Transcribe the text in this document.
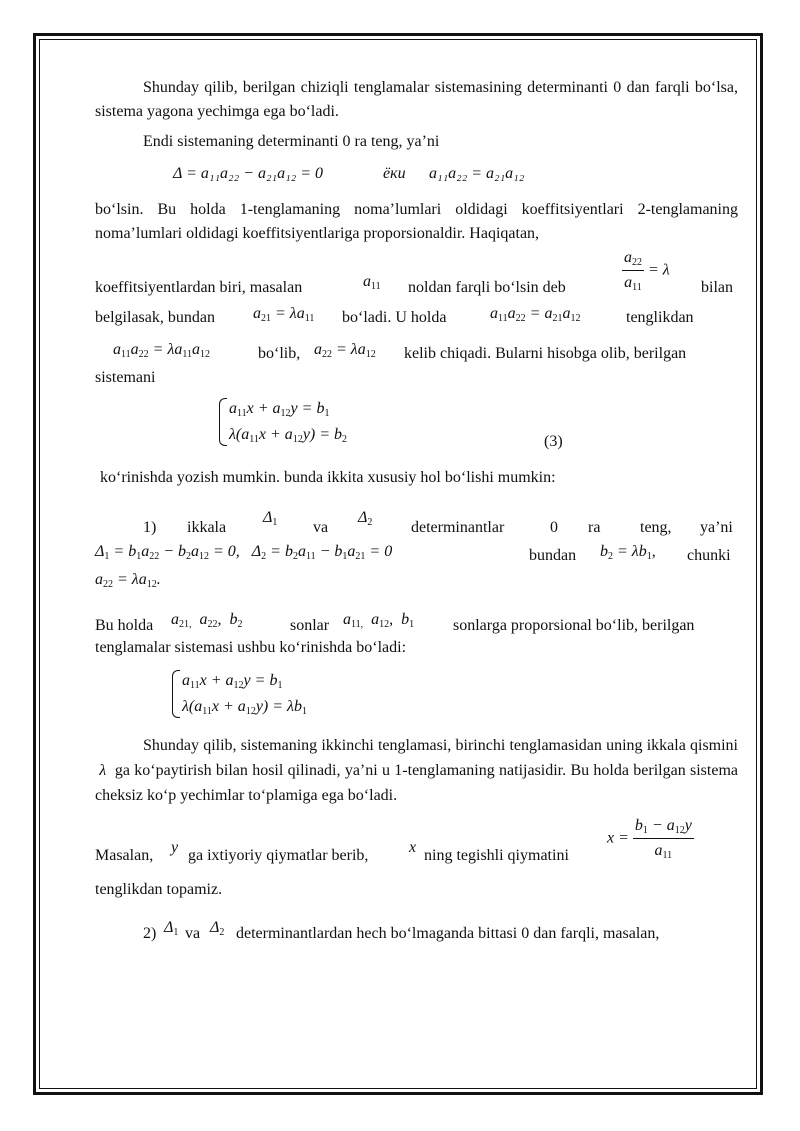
Shunday qilib, berilgan chiziqli tenglamalar sistemasining determinanti 0 dan farqli bo‘lsa, sistema yagona yechimga ega bo‘ladi.

Endi sistemaning determinanti 0 ra teng, ya’ni

Δ = a₁₁a₂₂ − a₂₁a₁₂ = 0	ёки a₁₁a₂₂ = a₂₁a₁₂

bo‘lsin. Bu holda 1-tenglamaning noma’lumlari oldidagi koeffitsiyentlari 2-tenglamaning noma’lumlari oldidagi koeffitsiyentlariga proporsionaldir. Haqiqatan,

koeffitsiyentlardan biri, masalan	$a_{11}$ noldan farqli bo‘lsin deb	$\frac{a_{22}}{a_{11}} = \lambda$
bilan
belgilasak, bundan $a_{21} = \lambda a_{11}$ bo‘ladi. U holda	$a_{11}a_{22} = a_{21}a_{12}$	tenglikdan
$a_{11}a_{22} = \lambda a_{11}a_{12}$	bo‘lib, $a_{22} = \lambda a_{12}$ kelib chiqadi. Bularni hisobga olib, berilgan

sistemani

$a_{11}x + a_{12}y = b_1$
$\lambda(a_{11}x + a_{12}y) = b_2$	(3)

ko‘rinishda yozish mumkin. bunda ikkita xususiy hol bo‘lishi mumkin:

1) ikkala
$\Delta_1$ va
$\Delta_2$ determinantlar	0 ra teng, ya’ni
$\Delta_1 = b_1a_{22} - b_2a_{12} = 0$,   $\Delta_2 = b_2a_{11} - b_1a_{21} = 0$	bundan $b_2 = \lambda b_1$, chunki
$a_{22} = \lambda a_{12}$.
Bu holda $a_{21,}$  $a_{22}$,  $b_2$	sonlar $a_{11,}$  $a_{12}$,  $b_1$ sonlarga proporsional bo‘lib, berilgan

tenglamalar sistemasi ushbu ko‘rinishda bo‘ladi:

$a_{11}x + a_{12}y = b_1$
$\lambda(a_{11}x + a_{12}y) = \lambda b_1$

Shunday qilib, sistemaning ikkinchi tenglamasi, birinchi tenglamasidan uning ikkala qismini  λ  ga ko‘paytirish bilan hosil qilinadi, ya’ni u 1-tenglamaning natijasidir. Bu holda berilgan sistema cheksiz ko‘p yechimlar to‘plamiga ega bo‘ladi.

Masalan, y ga ixtiyoriy qiymatlar berib,	x ning tegishli qiymatini
$x = \frac{b_1 - a_{12}y}{a_{11}}$

tenglikdan topamiz.

2) $\Delta_1$ va $\Delta_2$ determinantlardan hech bo‘lmaganda bittasi 0 dan farqli, masalan,
